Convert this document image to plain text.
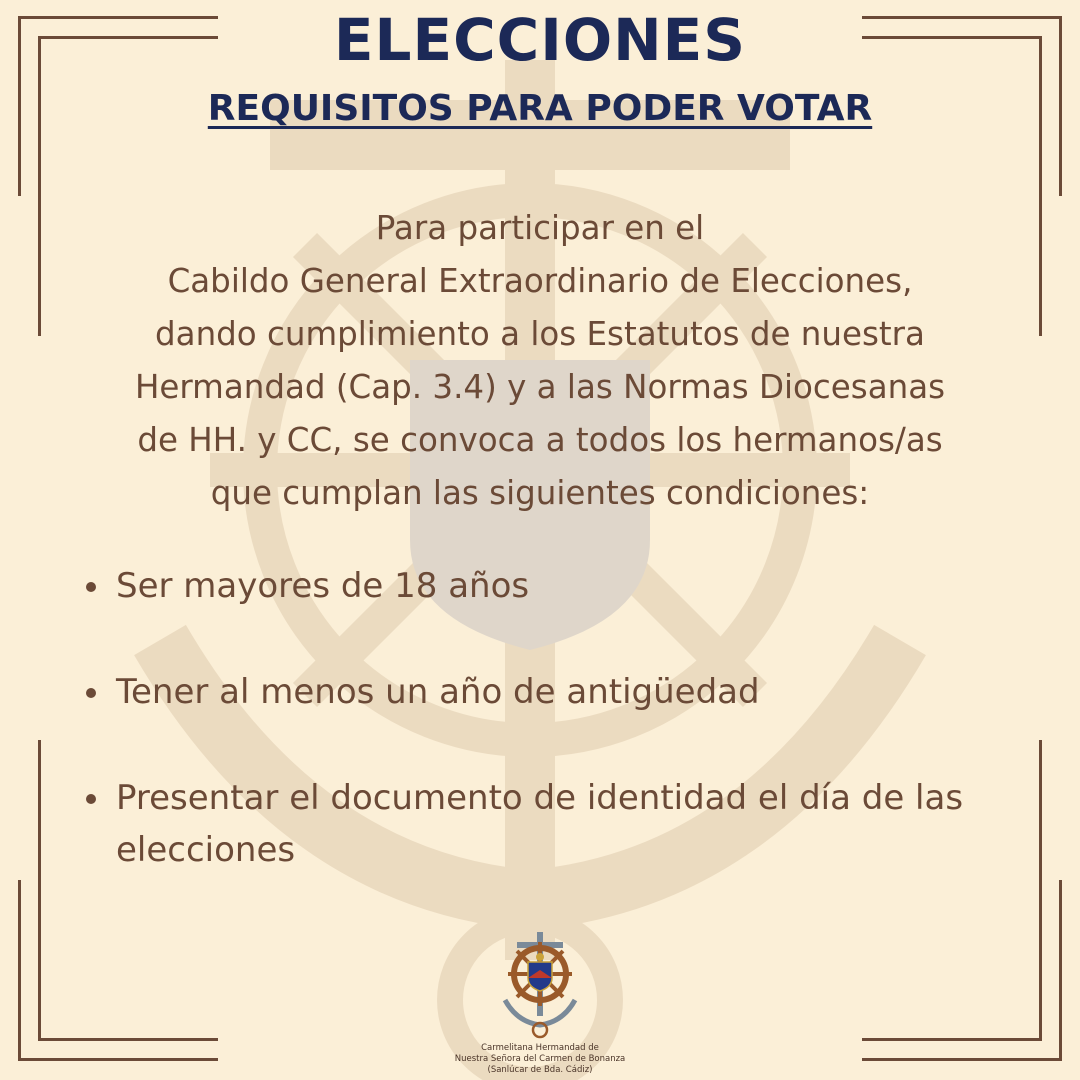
ELECCIONES
REQUISITOS PARA PODER VOTAR
Para participar en el
Cabildo General Extraordinario de Elecciones,
dando cumplimiento a los Estatutos de nuestra
Hermandad (Cap. 3.4) y a las Normas Diocesanas
de HH. y CC, se convoca a todos los hermanos/as
que cumplan las siguientes condiciones:
Ser mayores de 18 años
Tener al menos un año de antigüedad
Presentar el documento de identidad el día de las elecciones
Carmelitana Hermandad de
Nuestra Señora del Carmen de Bonanza
(Sanlúcar de Bda. Cádiz)
